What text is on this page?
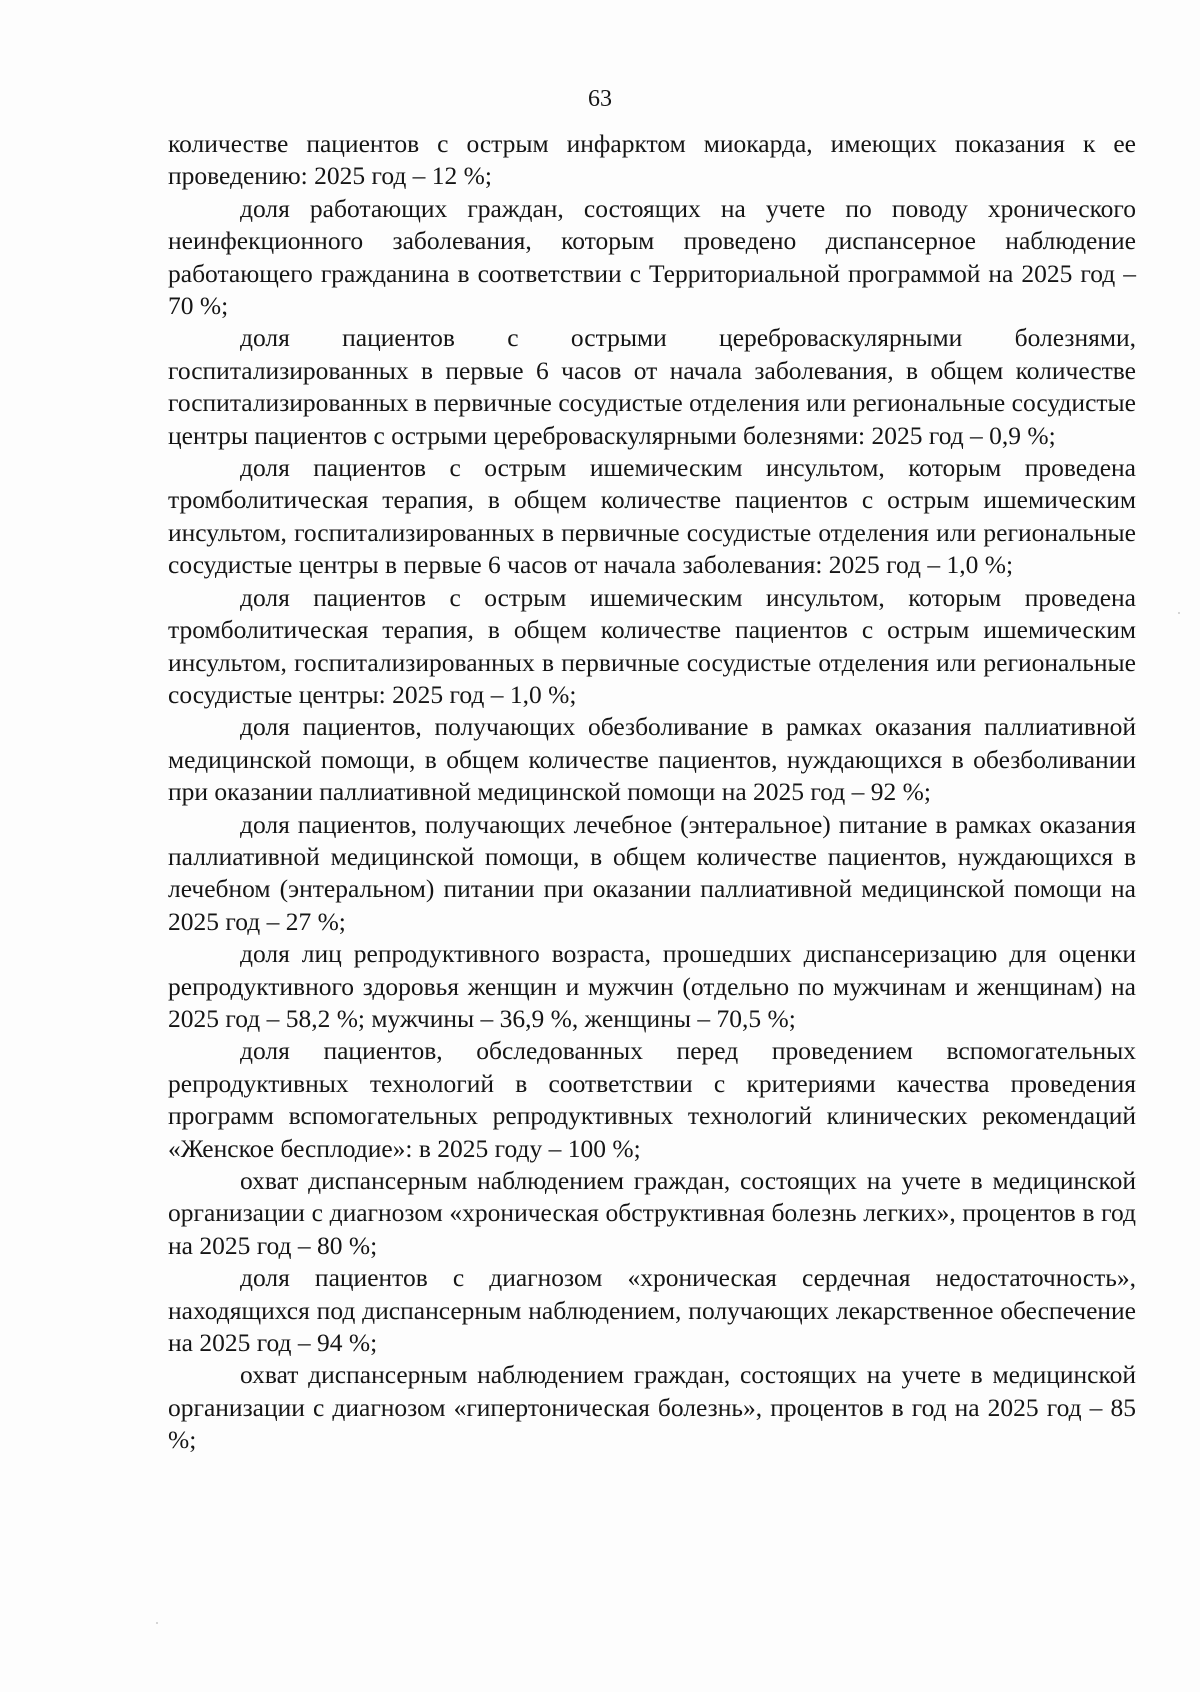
63

количестве пациентов с острым инфарктом миокарда, имеющих показания к ее проведению: 2025 год – 12 %;

доля работающих граждан, состоящих на учете по поводу хронического неинфекционного заболевания, которым проведено диспансерное наблюдение работающего гражданина в соответствии с Территориальной программой на 2025 год – 70 %;

доля пациентов с острыми цереброваскулярными болезнями, госпитализированных в первые 6 часов от начала заболевания, в общем количестве госпитализированных в первичные сосудистые отделения или региональные сосудистые центры пациентов с острыми цереброваскулярными болезнями: 2025 год – 0,9 %;

доля пациентов с острым ишемическим инсультом, которым проведена тромболитическая терапия, в общем количестве пациентов с острым ишемическим инсультом, госпитализированных в первичные сосудистые отделения или региональные сосудистые центры в первые 6 часов от начала заболевания: 2025 год – 1,0 %;

доля пациентов с острым ишемическим инсультом, которым проведена тромболитическая терапия, в общем количестве пациентов с острым ишемическим инсультом, госпитализированных в первичные сосудистые отделения или региональные сосудистые центры: 2025 год – 1,0 %;

доля пациентов, получающих обезболивание в рамках оказания паллиативной медицинской помощи, в общем количестве пациентов, нуждающихся в обезболивании при оказании паллиативной медицинской помощи на 2025 год – 92 %;

доля пациентов, получающих лечебное (энтеральное) питание в рамках оказания паллиативной медицинской помощи, в общем количестве пациентов, нуждающихся в лечебном (энтеральном) питании при оказании паллиативной медицинской помощи на 2025 год – 27 %;

доля лиц репродуктивного возраста, прошедших диспансеризацию для оценки репродуктивного здоровья женщин и мужчин (отдельно по мужчинам и женщинам) на 2025 год – 58,2 %; мужчины – 36,9 %, женщины – 70,5 %;

доля пациентов, обследованных перед проведением вспомогательных репродуктивных технологий в соответствии с критериями качества проведения программ вспомогательных репродуктивных технологий клинических рекомендаций «Женское бесплодие»: в 2025 году – 100 %;

охват диспансерным наблюдением граждан, состоящих на учете в медицинской организации с диагнозом «хроническая обструктивная болезнь легких», процентов в год на 2025 год – 80 %;

доля пациентов с диагнозом «хроническая сердечная недостаточность», находящихся под диспансерным наблюдением, получающих лекарственное обеспечение на 2025 год – 94 %;

охват диспансерным наблюдением граждан, состоящих на учете в медицинской организации с диагнозом «гипертоническая болезнь», процентов в год на 2025 год – 85 %;
